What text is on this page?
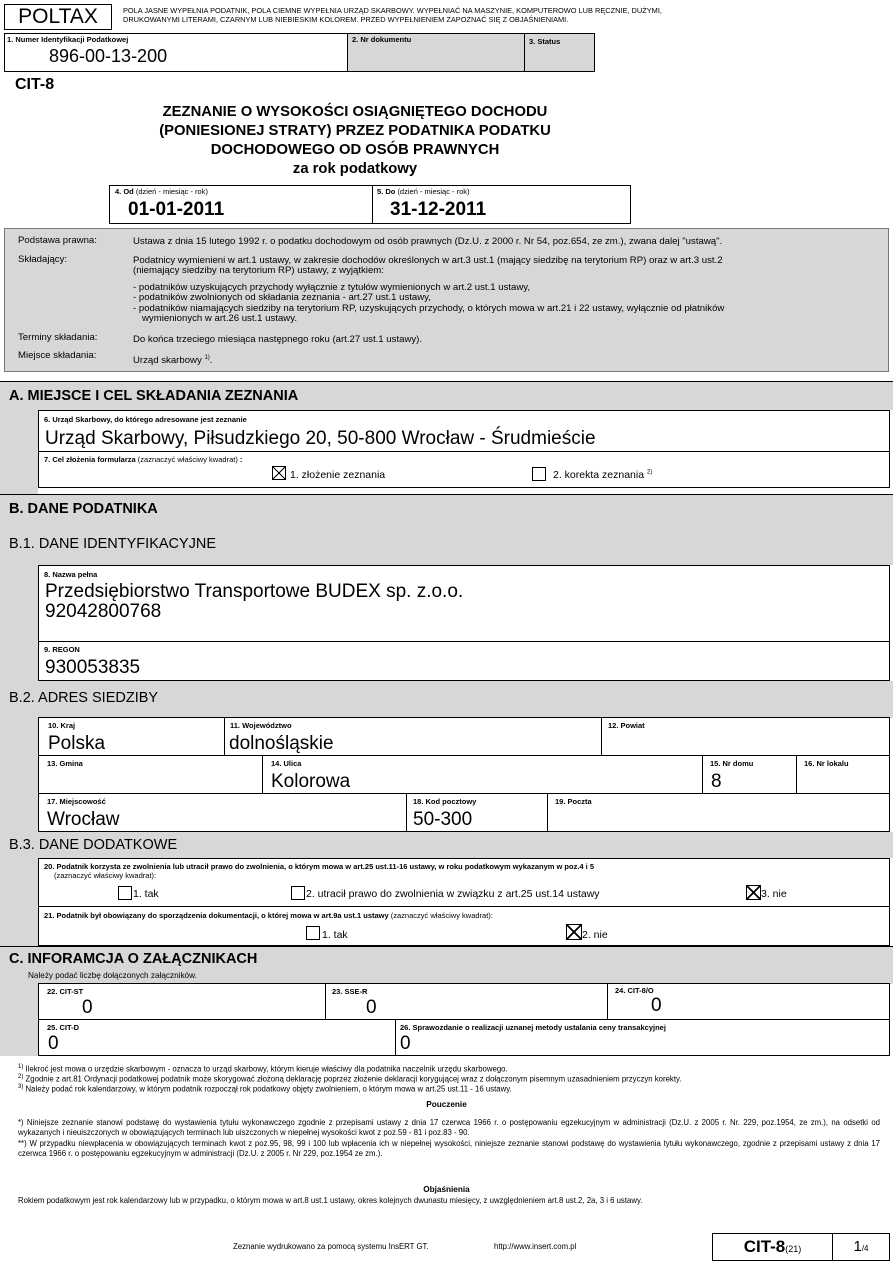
POLTAX	POLA JASNE WYPEŁNIA PODATNIK, POLA CIEMNE WYPEŁNIA URZĄD SKARBOWY. WYPEŁNIAĆ NA MASZYNIE, KOMPUTEROWO LUB RĘCZNIE, DUŻYMI,
DRUKOWANYMI LITERAMI, CZARNYM LUB NIEBIESKIM KOLOREM. PRZED WYPEŁNIENIEM ZAPOZNAĆ SIĘ Z OBJAŚNIENIAMI.
1. Numer Identyfikacji Podatkowej
896-00-13-200
2. Nr dokumentu	3. Status
CIT-8
ZEZNANIE O WYSOKOŚCI OSIĄGNIĘTEGO DOCHODU
(PONIESIONEJ STRATY) PRZEZ PODATNIKA PODATKU
DOCHODOWEGO OD OSÓB PRAWNYCH
za rok podatkowy
4. Od (dzień - miesiąc - rok)
01-01-2011
5. Do (dzień - miesiąc - rok)
31-12-2011
Podstawa prawna:	Ustawa z dnia 15 lutego 1992 r. o podatku dochodowym od osób prawnych (Dz.U. z 2000 r. Nr 54, poz.654, ze zm.), zwana dalej "ustawą".
Składający:	Podatnicy wymienieni w art.1 ustawy, w zakresie dochodów określonych w art.3 ust.1 (mający siedzibę na terytorium RP) oraz w art.3 ust.2
(niemający siedziby na terytorium RP) ustawy, z wyjątkiem:
- podatników uzyskujących przychody wyłącznie z tytułów wymienionych w art.2 ust.1 ustawy,
- podatników zwolnionych od składania zeznania - art.27 ust.1 ustawy,
- podatników niamających siedziby na terytorium RP, uzyskujących przychody, o których mowa w art.21 i 22 ustawy, wyłącznie od płatników
wymienionych w art.26 ust.1 ustawy.
Terminy składania:	Do końca trzeciego miesiąca następnego roku (art.27 ust.1 ustawy).
Miejsce składania:	Urząd skarbowy $^{1)}$.
A. MIEJSCE I CEL SKŁADANIA ZEZNANIA
6. Urząd Skarbowy, do którego adresowane jest zeznanie
Urząd Skarbowy, Piłsudzkiego 20, 50-800 Wrocław - Śrudmieście
7. Cel złożenia formularza (zaznaczyć właściwy kwadrat) :
1. złożenie zeznania	2. korekta zeznania $^{2)}$
B. DANE PODATNIKA
B.1. DANE IDENTYFIKACYJNE
8. Nazwa pełna
Przedsiębiorstwo Transportowe BUDEX sp. z.o.o.
92042800768
9. REGON
930053835
B.2. ADRES SIEDZIBY
10. Kraj
Polska
11. Województwo
dolnośląskie
12. Powiat
13. Gmina	14. Ulica
Kolorowa
15. Nr domu
8
16. Nr lokalu
17. Miejscowość
Wrocław
18. Kod pocztowy
50-300
19. Poczta
B.3. DANE DODATKOWE
20. Podatnik korzysta ze zwolnienia lub utracił prawo do zwolnienia, o którym mowa w art.25 ust.11-16 ustawy, w roku podatkowym wykazanym w poz.4 i 5
(zaznaczyć właściwy kwadrat):
1. tak	2. utracił prawo do zwolnienia w związku z art.25 ust.14 ustawy	3. nie
21. Podatnik był obowiązany do sporządzenia dokumentacji, o której mowa w art.9a ust.1 ustawy (zaznaczyć właściwy kwadrat):
1. tak	2. nie
C. INFORAMCJA O ZAŁĄCZNIKACH
Należy podać liczbę dołączonych załączników.
22. CIT-ST
0
23. SSE-R
0
24. CIT-8/O
0
25. CIT-D
0
26. Sprawozdanie o realizacji uznanej metody ustalania ceny transakcyjnej
0
$^{1)}$ Ilekroć jest mowa o urzędzie skarbowym - oznacza to urząd skarbowy, którym kieruje właściwy dla podatnika naczelnik urzędu skarbowego.
$^{2)}$ Zgodnie z art.81 Ordynacji podatkowej podatnik może skorygować złożoną deklarację poprzez złożenie deklaracji korygującej wraz z dołączonym pisemnym uzasadnieniem przyczyn korekty.
$^{3)}$ Należy podać rok kalendarzowy, w którym podatnik rozpoczął rok podatkowy objęty zwolnieniem, o którym mowa w art.25 ust.11 - 16 ustawy.
Pouczenie
*) Niniejsze zeznanie stanowi podstawę do wystawienia tytułu wykonawczego zgodnie z przepisami ustawy z dnia 17 czerwca 1966 r. o postępowaniu egzekucyjnym w administracji (Dz.U. z 2005 r. Nr. 229, poz.1954, ze zm.), na odsetki od wykazanych i nieuiszczonych w obowiązujących terminach lub uiszczonych w niepełnej wysokości kwot z poz.59 - 81 i poz.83 - 90.
**) W przypadku niewpłacenia w obowiązujących terminach kwot z poz.95, 98, 99 i 100 lub wpłacenia ich w niepełnej wysokości, niniejsze zeznanie stanowi podstawę do wystawienia tytułu wykonawczego, zgodnie z przepisami ustawy z dnia 17 czerwca 1966 r. o postępowaniu egzekucyjnym w administracji (Dz.U. z 2005 r. Nr 229, poz.1954 ze zm.).
Objaśnienia
Rokiem podatkowym jest rok kalendarzowy lub w przypadku, o którym mowa w art.8 ust.1 ustawy, okres kolejnych dwunastu miesięcy, z uwzględnieniem art.8 ust.2, 2a, 3 i 6 ustawy.
Zeznanie wydrukowano za pomocą systemu InsERT GT.	http://www.insert.com.pl	CIT-8(21)	1/4
